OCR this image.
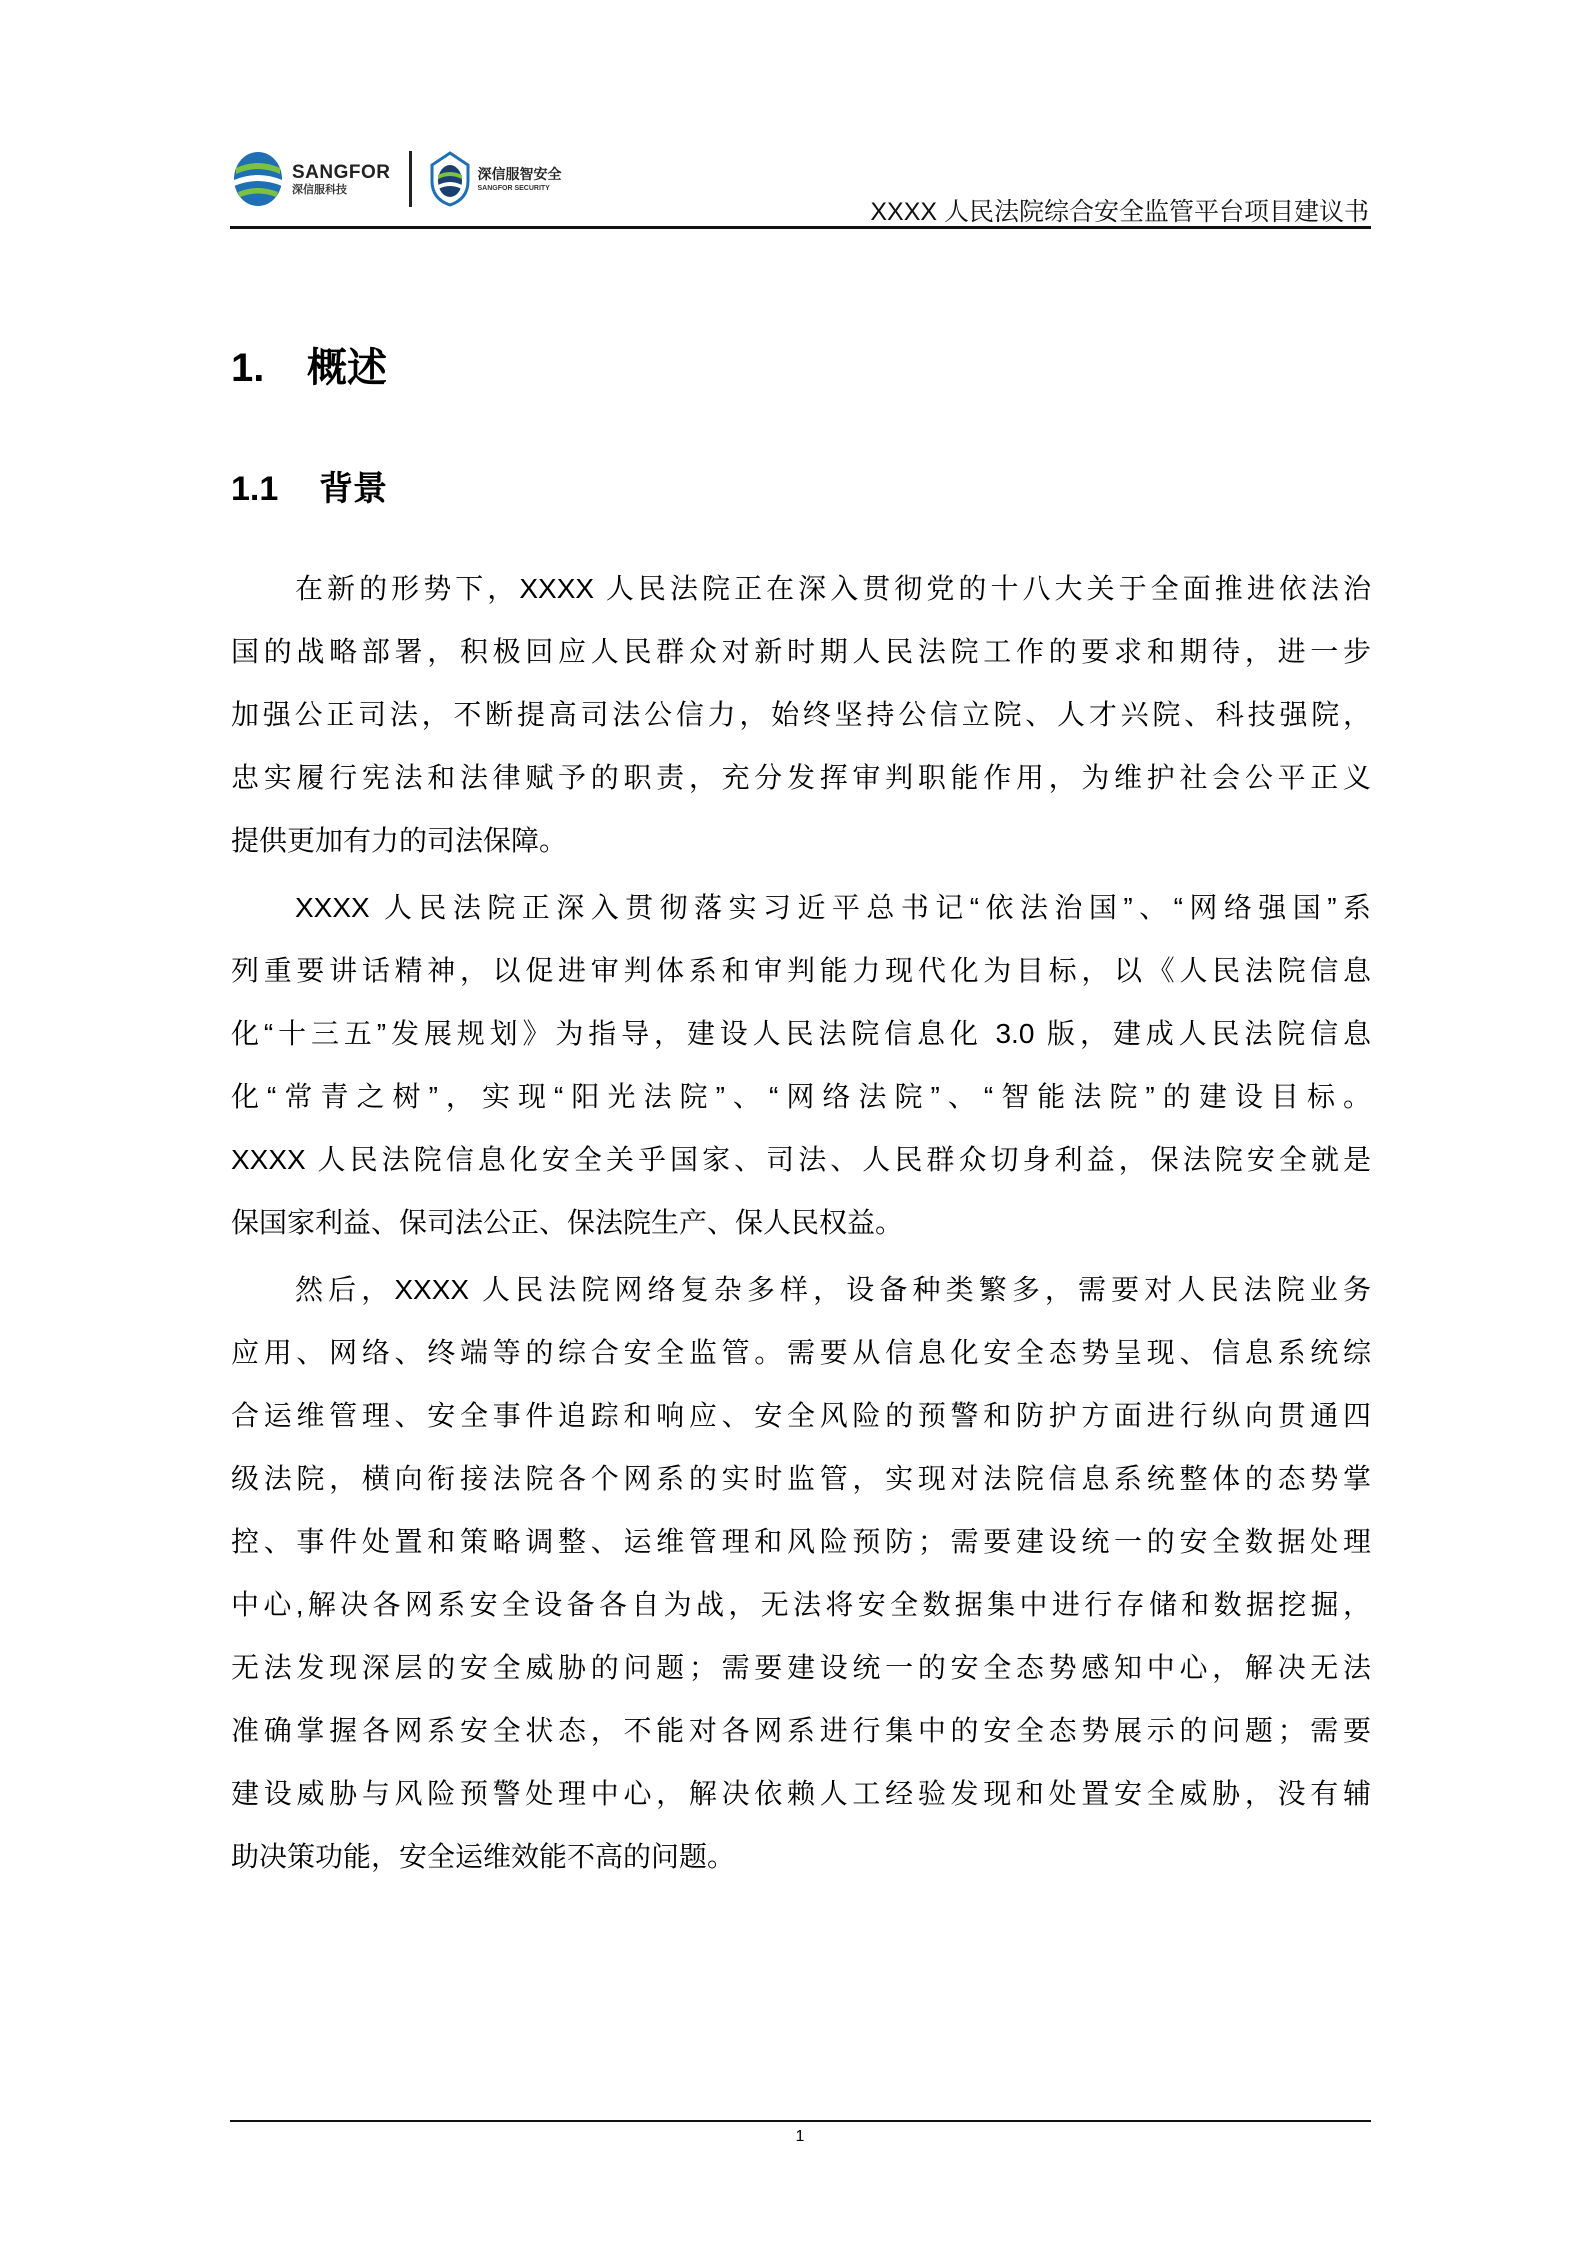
SANGFOR
深信服科技
深信服智安全
SANGFOR SECURITY
XXXX 人民法院综合安全监管平台项目建议书
1. 概述
1.1 背景
在新的形势下，XXXX 人民法院正在深入贯彻党的十八大关于全面推进依法治
国的战略部署，积极回应人民群众对新时期人民法院工作的要求和期待，进一步
加强公正司法，不断提高司法公信力，始终坚持公信立院、人才兴院、科技强院，
忠实履行宪法和法律赋予的职责，充分发挥审判职能作用，为维护社会公平正义
提供更加有力的司法保障。
XXXX 人民法院正深入贯彻落实习近平总书记“依法治国”、“网络强国”系
列重要讲话精神，以促进审判体系和审判能力现代化为目标，以《人民法院信息
化“十三五”发展规划》为指导，建设人民法院信息化 3.0 版，建成人民法院信息
化“常青之树”，实现“阳光法院”、“网络法院”、“智能法院”的建设目标。
XXXX 人民法院信息化安全关乎国家、司法、人民群众切身利益，保法院安全就是
保国家利益、保司法公正、保法院生产、保人民权益。
然后，XXXX 人民法院网络复杂多样，设备种类繁多，需要对人民法院业务
应用、网络、终端等的综合安全监管。需要从信息化安全态势呈现、信息系统综
合运维管理、安全事件追踪和响应、安全风险的预警和防护方面进行纵向贯通四
级法院，横向衔接法院各个网系的实时监管，实现对法院信息系统整体的态势掌
控、事件处置和策略调整、运维管理和风险预防；需要建设统一的安全数据处理
中心,解决各网系安全设备各自为战，无法将安全数据集中进行存储和数据挖掘，
无法发现深层的安全威胁的问题；需要建设统一的安全态势感知中心，解决无法
准确掌握各网系安全状态，不能对各网系进行集中的安全态势展示的问题；需要
建设威胁与风险预警处理中心，解决依赖人工经验发现和处置安全威胁，没有辅
助决策功能，安全运维效能不高的问题。
1
